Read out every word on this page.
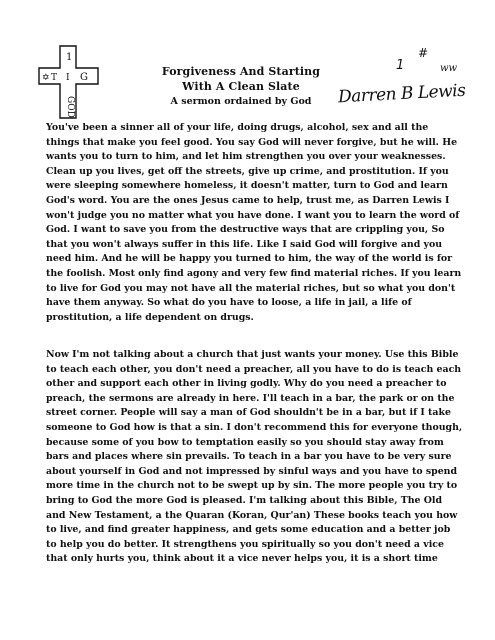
1
✡ T I G
GOD
Forgiveness And Starting
With A Clean Slate
A sermon ordained by God
1
#
ww
Darren B Lewis

You've been a sinner all of your life, doing drugs, alcohol, sex and all the things that make you feel good. You say God will never forgive, but he will. He wants you to turn to him, and let him strengthen you over your weaknesses. Clean up you lives, get off the streets, give up crime, and prostitution. If you were sleeping somewhere homeless, it doesn't matter, turn to God and learn God's word. You are the ones Jesus came to help, trust me, as Darren Lewis I won't judge you no matter what you have done. I want you to learn the word of God. I want to save you from the destructive ways that are crippling you, So that you won't always suffer in this life. Like I said God will forgive and you need him. And he will be happy you turned to him, the way of the world is for the foolish. Most only find agony and very few find material riches. If you learn to live for God you may not have all the material riches, but so what you don't have them anyway. So what do you have to loose, a life in jail, a life of prostitution, a life dependent on drugs.

Now I'm not talking about a church that just wants your money. Use this Bible to teach each other, you don't need a preacher, all you have to do is teach each other and support each other in living godly. Why do you need a preacher to preach, the sermons are already in here. I'll teach in a bar, the park or on the street corner. People will say a man of God shouldn't be in a bar, but if I take someone to God how is that a sin. I don't recommend this for everyone though, because some of you bow to temptation easily so you should stay away from bars and places where sin prevails. To teach in a bar you have to be very sure about yourself in God and not impressed by sinful ways and you have to spend more time in the church not to be swept up by sin. The more people you try to bring to God the more God is pleased. I'm talking about this Bible, The Old and New Testament, a the Quaran (Koran, Qur'an) These books teach you how to live, and find greater happiness, and gets some education and a better job to help you do better. It strengthens you spiritually so you don't need a vice that only hurts you, think about it a vice never helps you, it is a short time
